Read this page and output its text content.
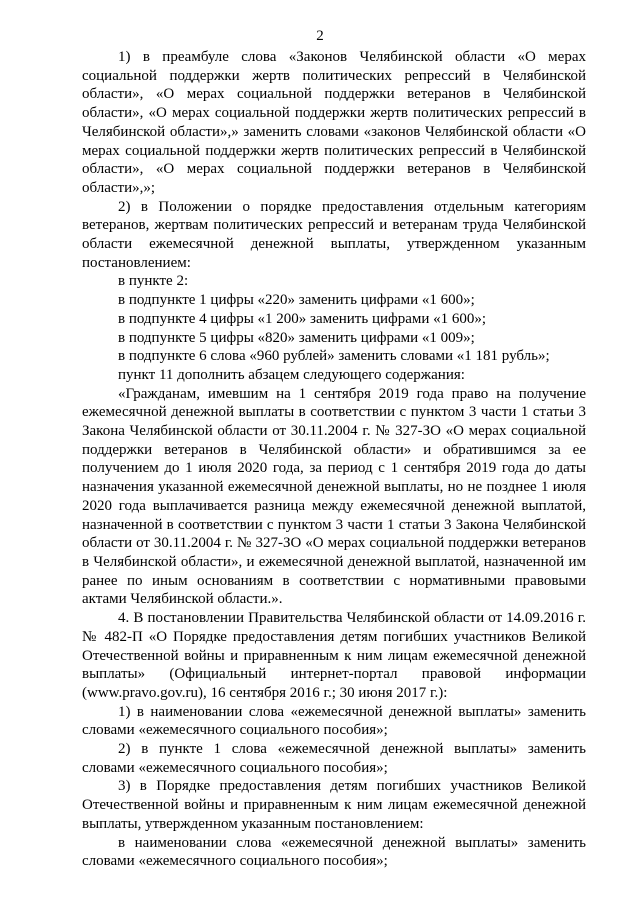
2

1) в преамбуле слова «Законов Челябинской области «О мерах социальной поддержки жертв политических репрессий в Челябинской области», «О мерах социальной поддержки ветеранов в Челябинской области», «О мерах социальной поддержки жертв политических репрессий в Челябинской области»,» заменить словами «законов Челябинской области «О мерах социальной поддержки жертв политических репрессий в Челябинской области», «О мерах социальной поддержки ветеранов в Челябинской области»,»;

2) в Положении о порядке предоставления отдельным категориям ветеранов, жертвам политических репрессий и ветеранам труда Челябинской области ежемесячной денежной выплаты, утвержденном указанным постановлением:

в пункте 2:

в подпункте 1 цифры «220» заменить цифрами «1 600»;

в подпункте 4 цифры «1 200» заменить цифрами «1 600»;

в подпункте 5 цифры «820» заменить цифрами «1 009»;

в подпункте 6 слова «960 рублей» заменить словами «1 181 рубль»;

пункт 11 дополнить абзацем следующего содержания:

«Гражданам, имевшим на 1 сентября 2019 года право на получение ежемесячной денежной выплаты в соответствии с пунктом 3 части 1 статьи 3 Закона Челябинской области от 30.11.2004 г. № 327-ЗО «О мерах социальной поддержки ветеранов в Челябинской области» и обратившимся за ее получением до 1 июля 2020 года, за период с 1 сентября 2019 года до даты назначения указанной ежемесячной денежной выплаты, но не позднее 1 июля 2020 года выплачивается разница между ежемесячной денежной выплатой, назначенной в соответствии с пунктом 3 части 1 статьи 3 Закона Челябинской области от 30.11.2004 г. № 327-ЗО «О мерах социальной поддержки ветеранов в Челябинской области», и ежемесячной денежной выплатой, назначенной им ранее по иным основаниям в соответствии с нормативными правовыми актами Челябинской области.».

4. В постановлении Правительства Челябинской области от 14.09.2016 г. № 482-П «О Порядке предоставления детям погибших участников Великой Отечественной войны и приравненным к ним лицам ежемесячной денежной выплаты» (Официальный интернет-портал правовой информации (www.pravo.gov.ru), 16 сентября 2016 г.; 30 июня 2017 г.):

1) в наименовании слова «ежемесячной денежной выплаты» заменить словами «ежемесячного социального пособия»;

2) в пункте 1 слова «ежемесячной денежной выплаты» заменить словами «ежемесячного социального пособия»;

3) в Порядке предоставления детям погибших участников Великой Отечественной войны и приравненным к ним лицам ежемесячной денежной выплаты, утвержденном указанным постановлением:

в наименовании слова «ежемесячной денежной выплаты» заменить словами «ежемесячного социального пособия»;
